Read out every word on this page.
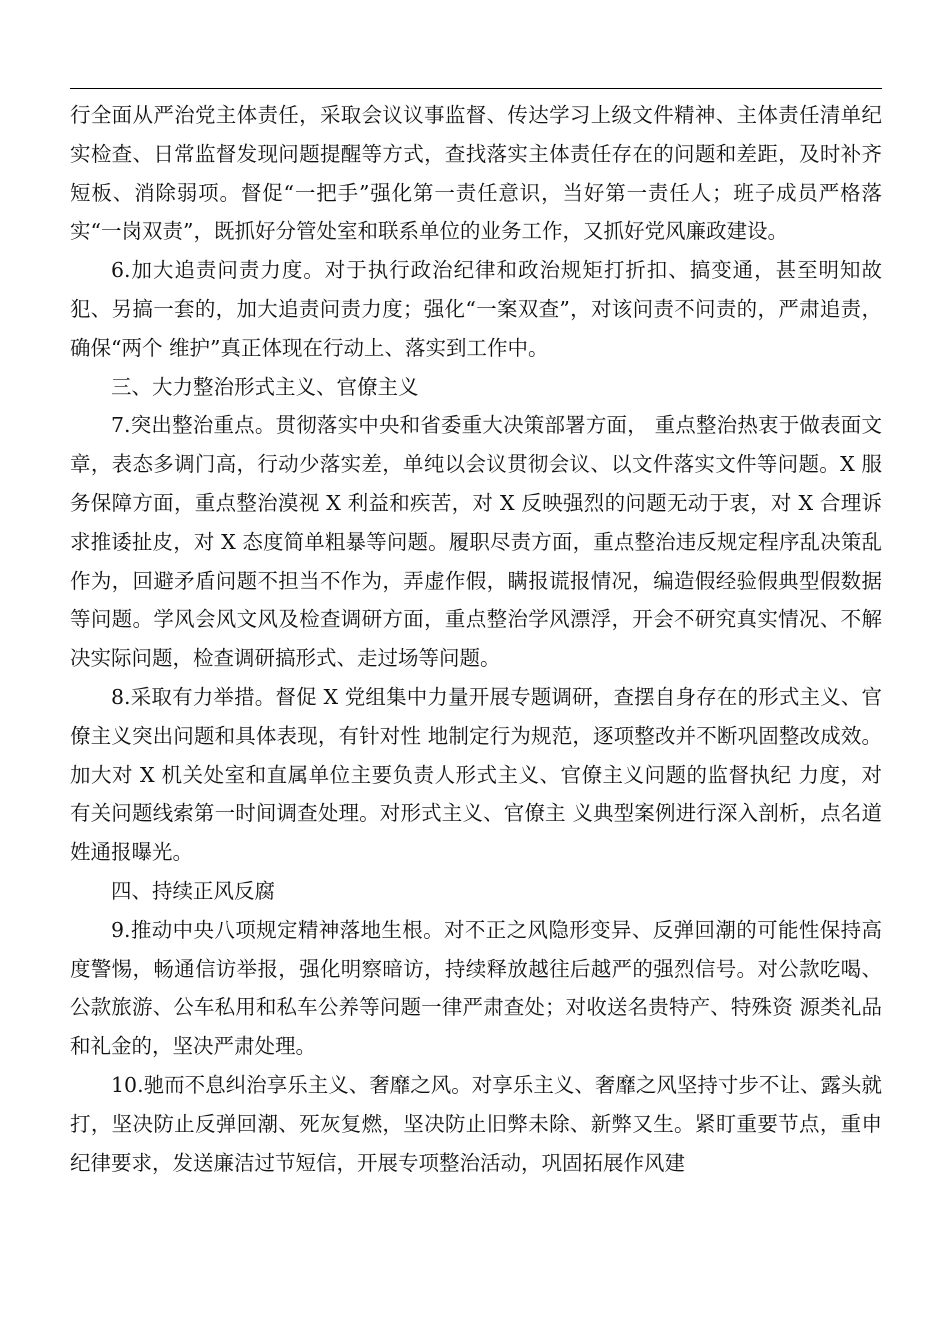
行全面从严治党主体责任，采取会议议事监督、传达学习上级文件精神、主体责任清单纪实检查、日常监督发现问题提醒等方式，查找落实主体责任存在的问题和差距，及时补齐短板、消除弱项。督促“一把手”强化第一责任意识，当好第一责任人；班子成员严格落实“一岗双责”，既抓好分管处室和联系单位的业务工作，又抓好党风廉政建设。

6.加大追责问责力度。对于执行政治纪律和政治规矩打折扣、搞变通，甚至明知故犯、另搞一套的，加大追责问责力度；强化“一案双查”，对该问责不问责的，严肃追责，确保“两个 维护”真正体现在行动上、落实到工作中。

三、大力整治形式主义、官僚主义

7.突出整治重点。贯彻落实中央和省委重大决策部署方面， 重点整治热衷于做表面文章，表态多调门高，行动少落实差，单纯以会议贯彻会议、以文件落实文件等问题。X 服务保障方面，重点整治漠视 X 利益和疾苦，对 X 反映强烈的问题无动于衷，对 X 合理诉求推诿扯皮，对 X 态度简单粗暴等问题。履职尽责方面，重点整治违反规定程序乱决策乱作为，回避矛盾问题不担当不作为，弄虚作假，瞒报谎报情况，编造假经验假典型假数据等问题。学风会风文风及检查调研方面，重点整治学风漂浮，开会不研究真实情况、不解决实际问题，检查调研搞形式、走过场等问题。

8.采取有力举措。督促 X 党组集中力量开展专题调研，查摆自身存在的形式主义、官僚主义突出问题和具体表现，有针对性 地制定行为规范，逐项整改并不断巩固整改成效。加大对 X 机关处室和直属单位主要负责人形式主义、官僚主义问题的监督执纪 力度，对有关问题线索第一时间调查处理。对形式主义、官僚主 义典型案例进行深入剖析，点名道姓通报曝光。

四、持续正风反腐

9.推动中央八项规定精神落地生根。对不正之风隐形变异、反弹回潮的可能性保持高度警惕，畅通信访举报，强化明察暗访，持续释放越往后越严的强烈信号。对公款吃喝、公款旅游、公车私用和私车公养等问题一律严肃查处；对收送名贵特产、特殊资 源类礼品和礼金的，坚决严肃处理。

10.驰而不息纠治享乐主义、奢靡之风。对享乐主义、奢靡之风坚持寸步不让、露头就打，坚决防止反弹回潮、死灰复燃，坚决防止旧弊未除、新弊又生。紧盯重要节点，重申纪律要求，发送廉洁过节短信，开展专项整治活动，巩固拓展作风建
